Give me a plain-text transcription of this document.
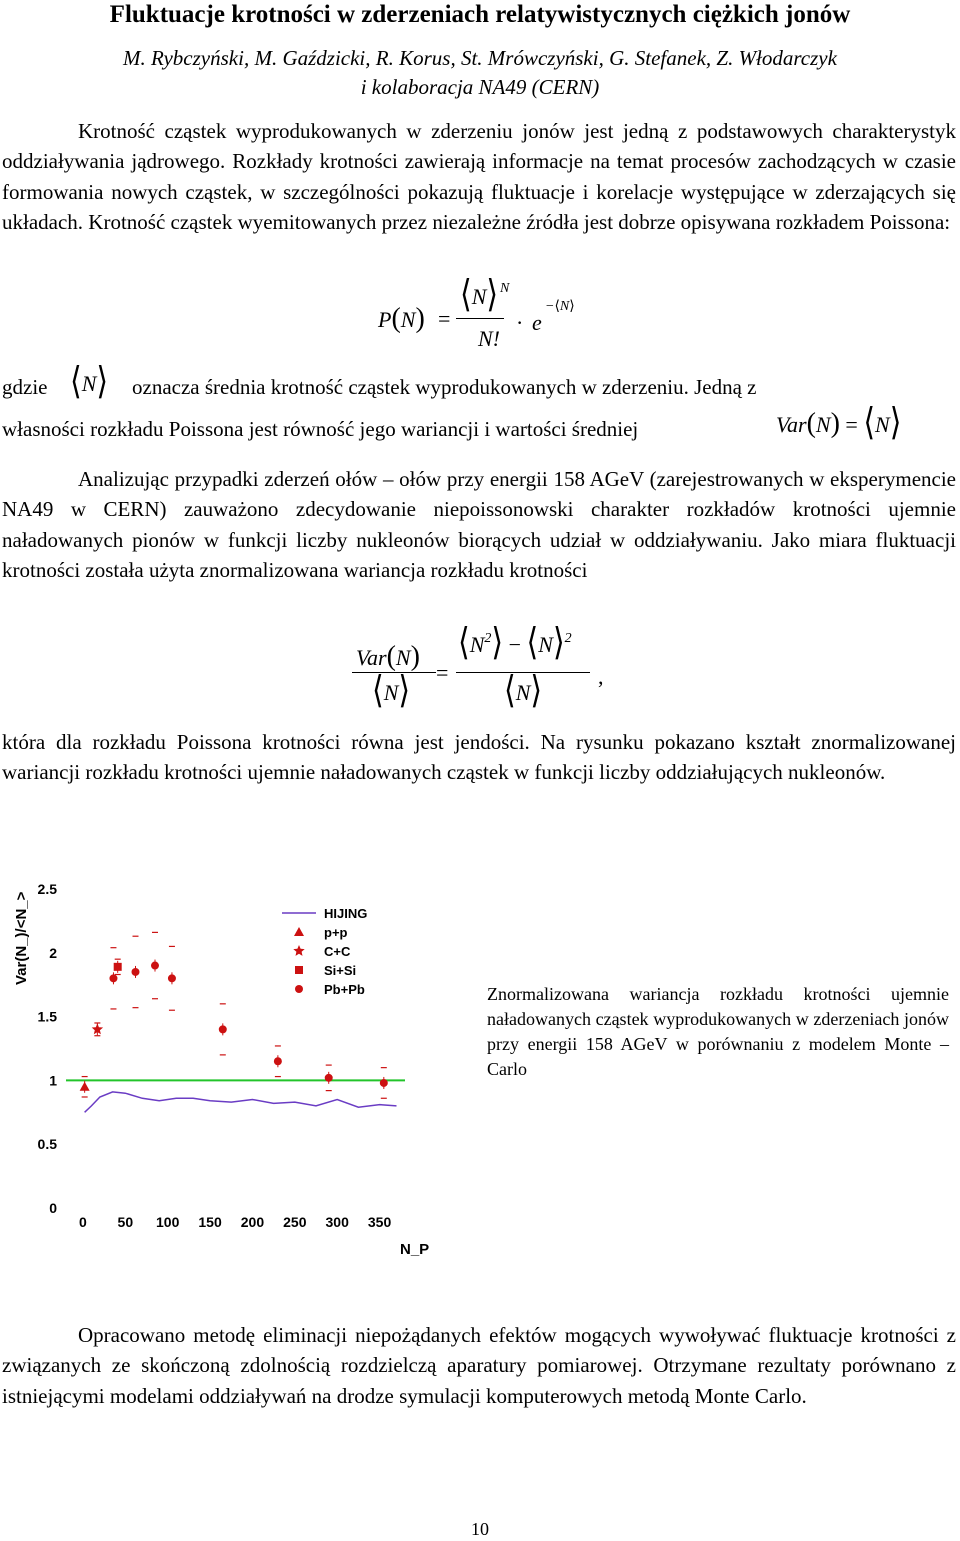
Fluktuacje krotności w zderzeniach relatywistycznych ciężkich jonów
M. Rybczyński, M. Gaździcki, R. Korus, St. Mrówczyński, G. Stefanek, Z. Włodarczyk
i kolaboracja NA49 (CERN)

Krotność cząstek wyprodukowanych w zderzeniu jonów jest jedną z podstawowych charakterystyk oddziaływania jądrowego. Rozkłady krotności zawierają informacje na temat procesów zachodzących w czasie formowania nowych cząstek, w szczególności pokazują fluktuacje i korelacje występujące w zderzających się układach. Krotność cząstek wyemitowanych przez niezależne źródła jest dobrze opisywana rozkładem Poissona:

P(N) =
⟨N⟩ N
N!
· e
−⟨N⟩
gdzie ⟨N⟩ oznacza średnia krotność cząstek wyprodukowanych w zderzeniu. Jedną z
własności rozkładu Poissona jest równość jego wariancji i wartości średniej	Var(N) = ⟨N⟩

Analizując przypadki zderzeń ołów – ołów przy energii 158 AGeV (zarejestrowanych w eksperymencie NA49 w CERN) zauważono zdecydowanie niepoissonowski charakter rozkładów krotności ujemnie naładowanych pionów w funkcji liczby nukleonów biorących udział w oddziaływaniu. Jako miara fluktuacji krotności została użyta znormalizowana wariancja rozkładu krotności

Var(N)
⟨N⟩ =
$⟨N^2⟩$ − ⟨N⟩$^2$
⟨N⟩	,

która dla rozkładu Poissona krotności równa jest jendości. Na rysunku pokazano kształt znormalizowanej wariancji rozkładu krotności ujemnie naładowanych cząstek w funkcji liczby oddziałujących nukleonów.

0
0.5
1
1.5
2
2.5
0 50 100 150 200 250 300 350
Var(N_)/<N_>
N_P
HIJING
p+p
C+C
Si+Si
Pb+Pb	Znormalizowana wariancja rozkładu krotności ujemnie naładowanych cząstek wyprodukowanych w zderzeniach jonów przy energii 158 AGeV w porównaniu z modelem Monte – Carlo

Opracowano metodę eliminacji niepożądanych efektów mogących wywoływać fluktuacje krotności z związanych ze skończoną zdolnością rozdzielczą aparatury pomiarowej. Otrzymane rezultaty porównano z istniejącymi modelami oddziaływań na drodze symulacji komputerowych metodą Monte Carlo.

10
